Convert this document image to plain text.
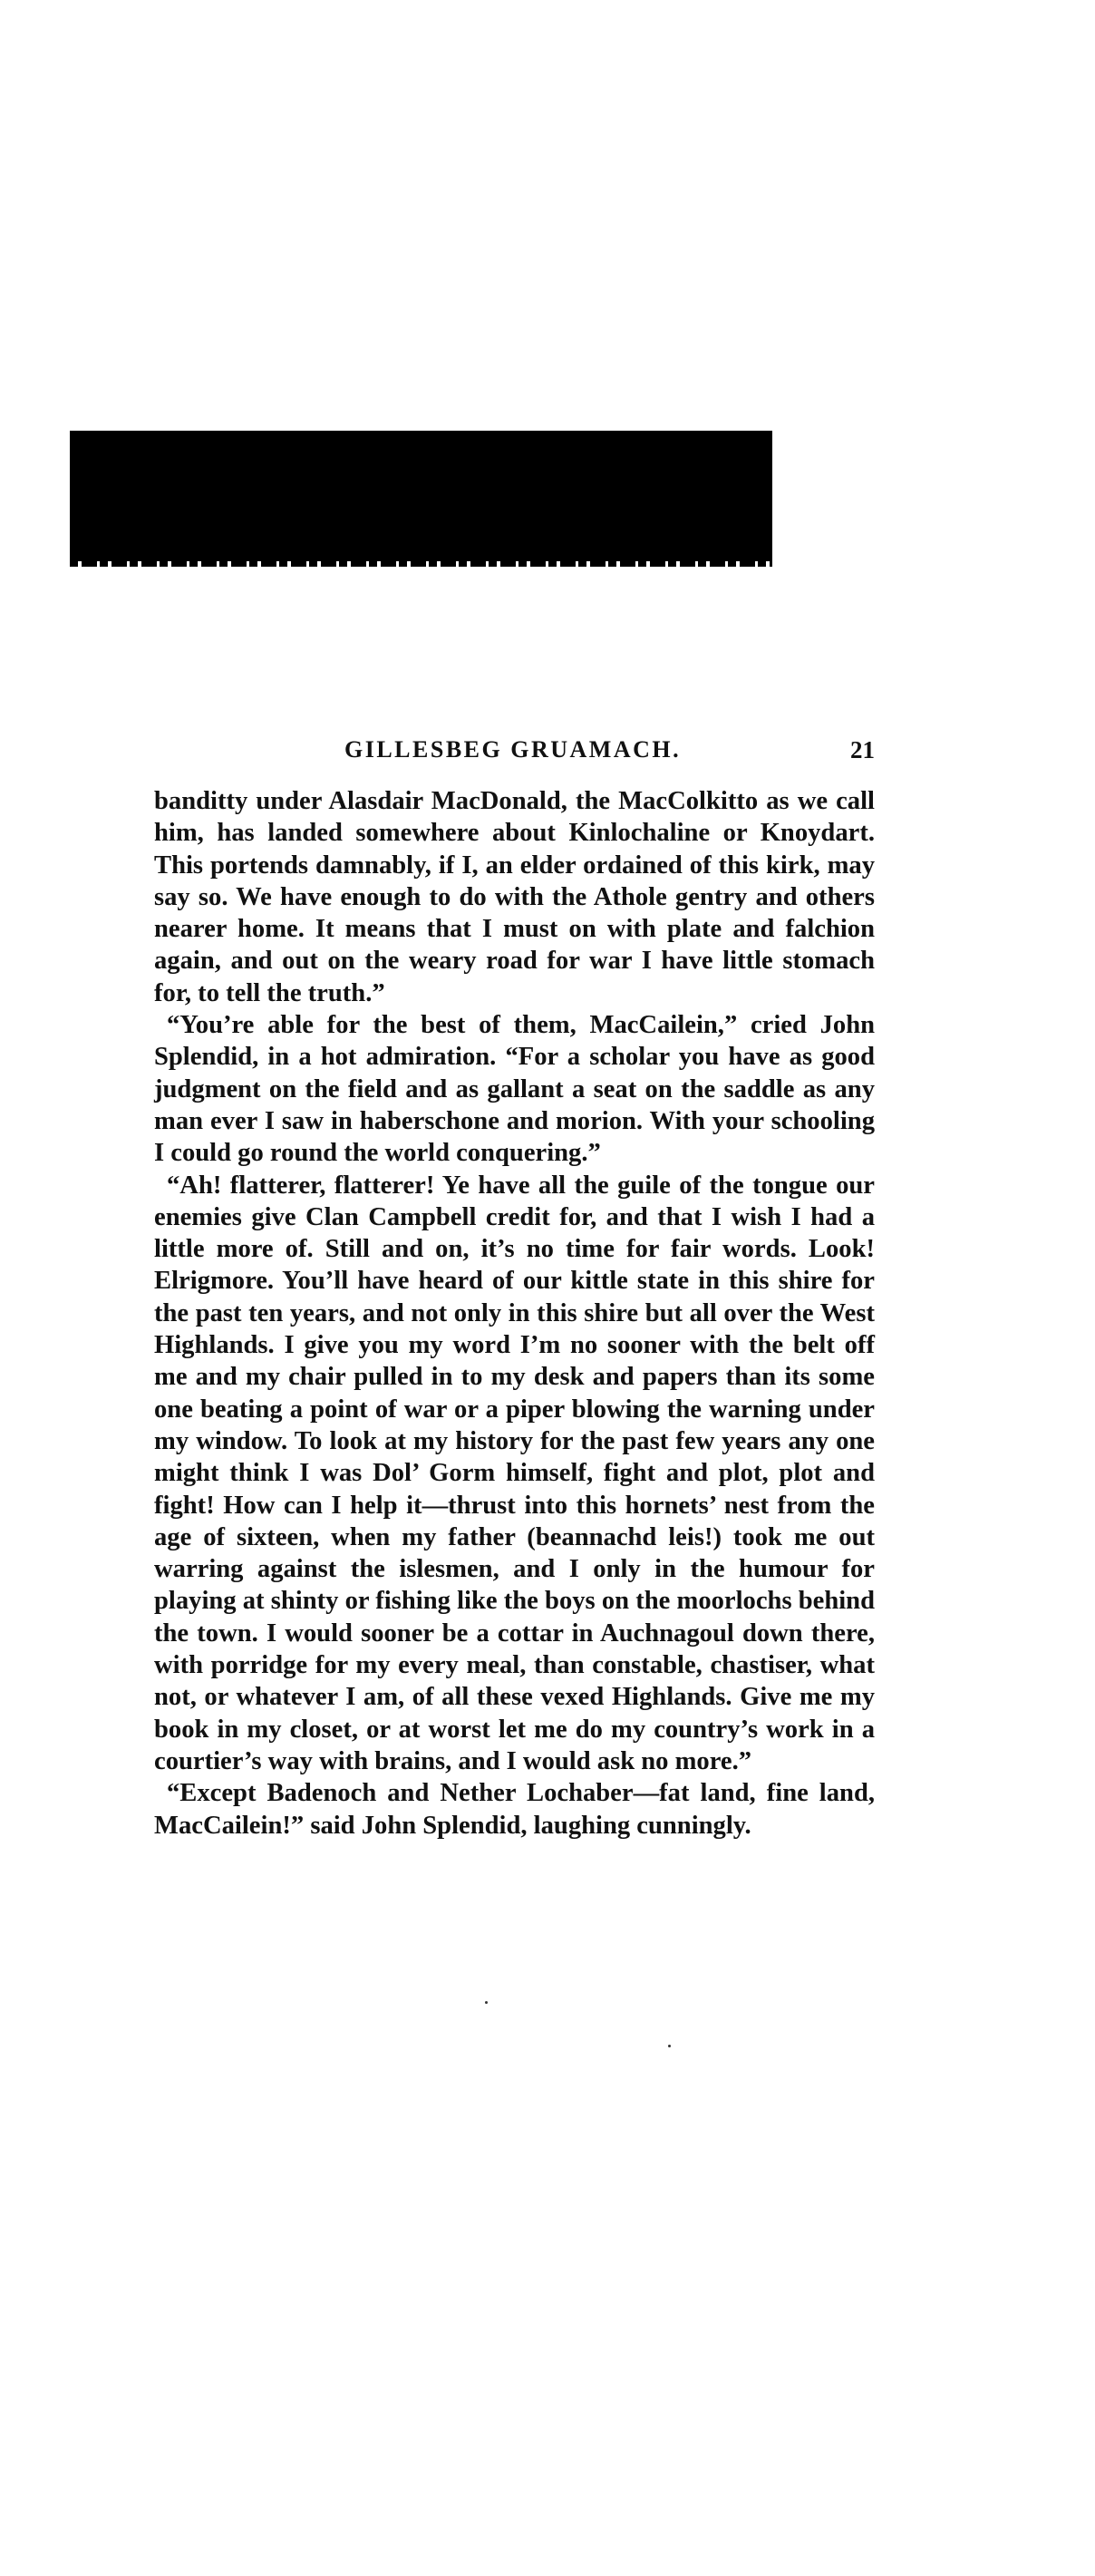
GILLESBEG GRUAMACH.	21

banditty under Alasdair MacDonald, the MacColkitto as we call him, has landed somewhere about Kinlochaline or Knoydart. This portends damnably, if I, an elder ordained of this kirk, may say so. We have enough to do with the Athole gentry and others nearer home. It means that I must on with plate and falchion again, and out on the weary road for war I have little stomach for, to tell the truth.”

“You’re able for the best of them, MacCailein,” cried John Splendid, in a hot admiration. “For a scholar you have as good judgment on the field and as gallant a seat on the saddle as any man ever I saw in haberschone and morion. With your schooling I could go round the world conquering.”

“Ah! flatterer, flatterer! Ye have all the guile of the tongue our enemies give Clan Campbell credit for, and that I wish I had a little more of. Still and on, it’s no time for fair words. Look! Elrigmore. You’ll have heard of our kittle state in this shire for the past ten years, and not only in this shire but all over the West Highlands. I give you my word I’m no sooner with the belt off me and my chair pulled in to my desk and papers than its some one beating a point of war or a piper blowing the warning under my window. To look at my history for the past few years any one might think I was Dol’ Gorm himself, fight and plot, plot and fight! How can I help it—thrust into this hornets’ nest from the age of sixteen, when my father (beannachd leis!) took me out warring against the islesmen, and I only in the humour for playing at shinty or fishing like the boys on the moorlochs behind the town. I would sooner be a cottar in Auchnagoul down there, with porridge for my every meal, than constable, chastiser, what not, or whatever I am, of all these vexed Highlands. Give me my book in my closet, or at worst let me do my country’s work in a courtier’s way with brains, and I would ask no more.”

“Except Badenoch and Nether Lochaber—fat land, fine land, MacCailein!” said John Splendid, laughing cunningly.
